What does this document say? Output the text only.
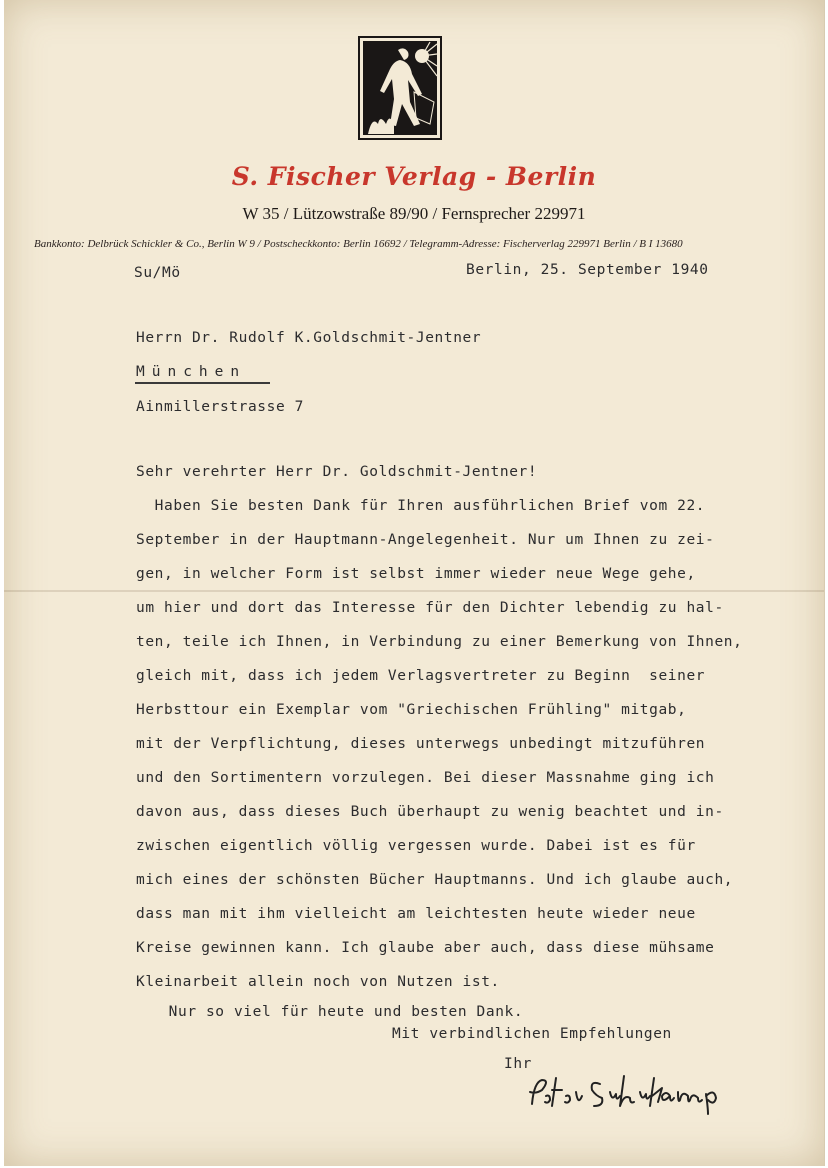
S. Fischer Verlag - Berlin
W 35 / Lützowstraße 89/90 / Fernsprecher 229971
Bankkonto: Delbrück Schickler & Co., Berlin W 9 / Postscheckkonto: Berlin 16692 / Telegramm-Adresse: Fischerverlag 229971 Berlin / B I 13680
Su/Mö	Berlin, 25. September 1940
Herrn Dr. Rudolf K.Goldschmit-Jentner
München
Ainmillerstrasse 7
Sehr verehrter Herr Dr. Goldschmit-Jentner!
Haben Sie besten Dank für Ihren ausführlichen Brief vom 22.
September in der Hauptmann-Angelegenheit. Nur um Ihnen zu zei-
gen, in welcher Form ist selbst immer wieder neue Wege gehe,
um hier und dort das Interesse für den Dichter lebendig zu hal-
ten, teile ich Ihnen, in Verbindung zu einer Bemerkung von Ihnen,
gleich mit, dass ich jedem Verlagsvertreter zu Beginn  seiner
Herbsttour ein Exemplar vom "Griechischen Frühling" mitgab,
mit der Verpflichtung, dieses unterwegs unbedingt mitzuführen
und den Sortimentern vorzulegen. Bei dieser Massnahme ging ich
davon aus, dass dieses Buch überhaupt zu wenig beachtet und in-
zwischen eigentlich völlig vergessen wurde. Dabei ist es für
mich eines der schönsten Bücher Hauptmanns. Und ich glaube auch,
dass man mit ihm vielleicht am leichtesten heute wieder neue
Kreise gewinnen kann. Ich glaube aber auch, dass diese mühsame
Kleinarbeit allein noch von Nutzen ist.
Nur so viel für heute und besten Dank.
Mit verbindlichen Empfehlungen
Ihr
